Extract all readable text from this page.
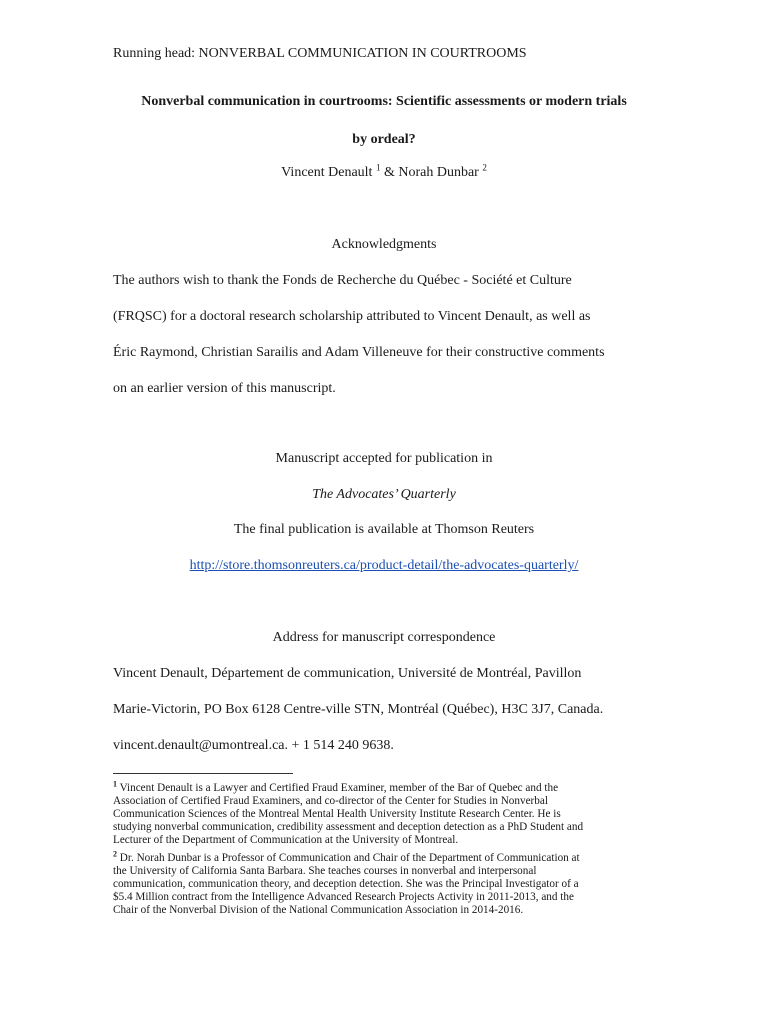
Running head: NONVERBAL COMMUNICATION IN COURTROOMS
Nonverbal communication in courtrooms: Scientific assessments or modern trials
by ordeal?
Vincent Denault $^1$ & Norah Dunbar $^2$
Acknowledgments
The authors wish to thank the Fonds de Recherche du Québec - Société et Culture
(FRQSC) for a doctoral research scholarship attributed to Vincent Denault, as well as
Éric Raymond, Christian Sarailis and Adam Villeneuve for their constructive comments
on an earlier version of this manuscript.
Manuscript accepted for publication in
The Advocates’ Quarterly
The final publication is available at Thomson Reuters
http://store.thomsonreuters.ca/product-detail/the-advocates-quarterly/
Address for manuscript correspondence
Vincent Denault, Département de communication, Université de Montréal, Pavillon
Marie-Victorin, PO Box 6128 Centre-ville STN, Montréal (Québec), H3C 3J7, Canada.
vincent.denault@umontreal.ca. + 1 514 240 9638.
$^1$ Vincent Denault is a Lawyer and Certified Fraud Examiner, member of the Bar of Quebec and the
Association of Certified Fraud Examiners, and co-director of the Center for Studies in Nonverbal
Communication Sciences of the Montreal Mental Health University Institute Research Center. He is
studying nonverbal communication, credibility assessment and deception detection as a PhD Student and
Lecturer of the Department of Communication at the University of Montreal.
$^2$ Dr. Norah Dunbar is a Professor of Communication and Chair of the Department of Communication at
the University of California Santa Barbara. She teaches courses in nonverbal and interpersonal
communication, communication theory, and deception detection. She was the Principal Investigator of a
$5.4 Million contract from the Intelligence Advanced Research Projects Activity in 2011-2013, and the
Chair of the Nonverbal Division of the National Communication Association in 2014-2016.
